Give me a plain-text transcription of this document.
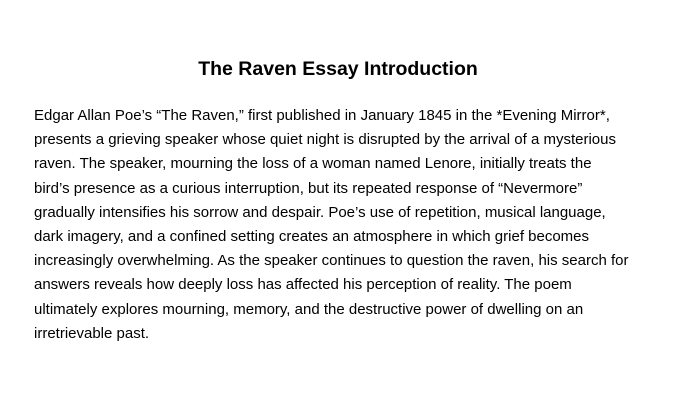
The Raven Essay Introduction

Edgar Allan Poe’s “The Raven,” first published in January 1845 in the *Evening Mirror*,
presents a grieving speaker whose quiet night is disrupted by the arrival of a mysterious
raven. The speaker, mourning the loss of a woman named Lenore, initially treats the
bird’s presence as a curious interruption, but its repeated response of “Nevermore”
gradually intensifies his sorrow and despair. Poe’s use of repetition, musical language,
dark imagery, and a confined setting creates an atmosphere in which grief becomes
increasingly overwhelming. As the speaker continues to question the raven, his search for
answers reveals how deeply loss has affected his perception of reality. The poem
ultimately explores mourning, memory, and the destructive power of dwelling on an
irretrievable past.
